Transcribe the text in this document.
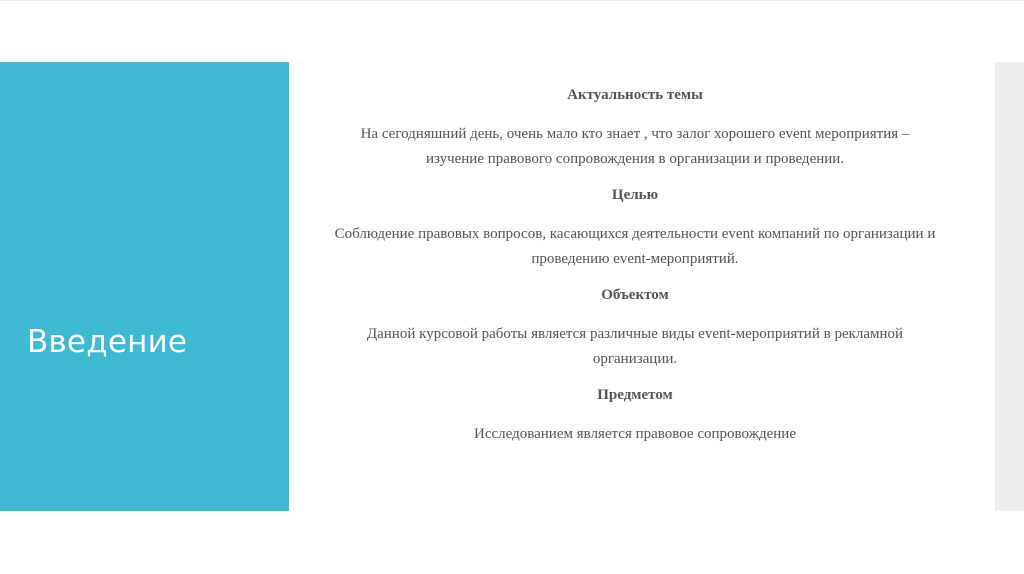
Введение
Актуальность темы

На сегодняшний день, очень мало кто знает , что залог хорошего event мероприятия – изучение правового сопровождения в организации и проведении.

Целью

Соблюдение правовых вопросов, касающихся деятельности event компаний по организации и проведению event-мероприятий.

Объектом

Данной курсовой работы является различные виды event-мероприятий в рекламной организации.

Предметом

Исследованием является правовое сопровождение
